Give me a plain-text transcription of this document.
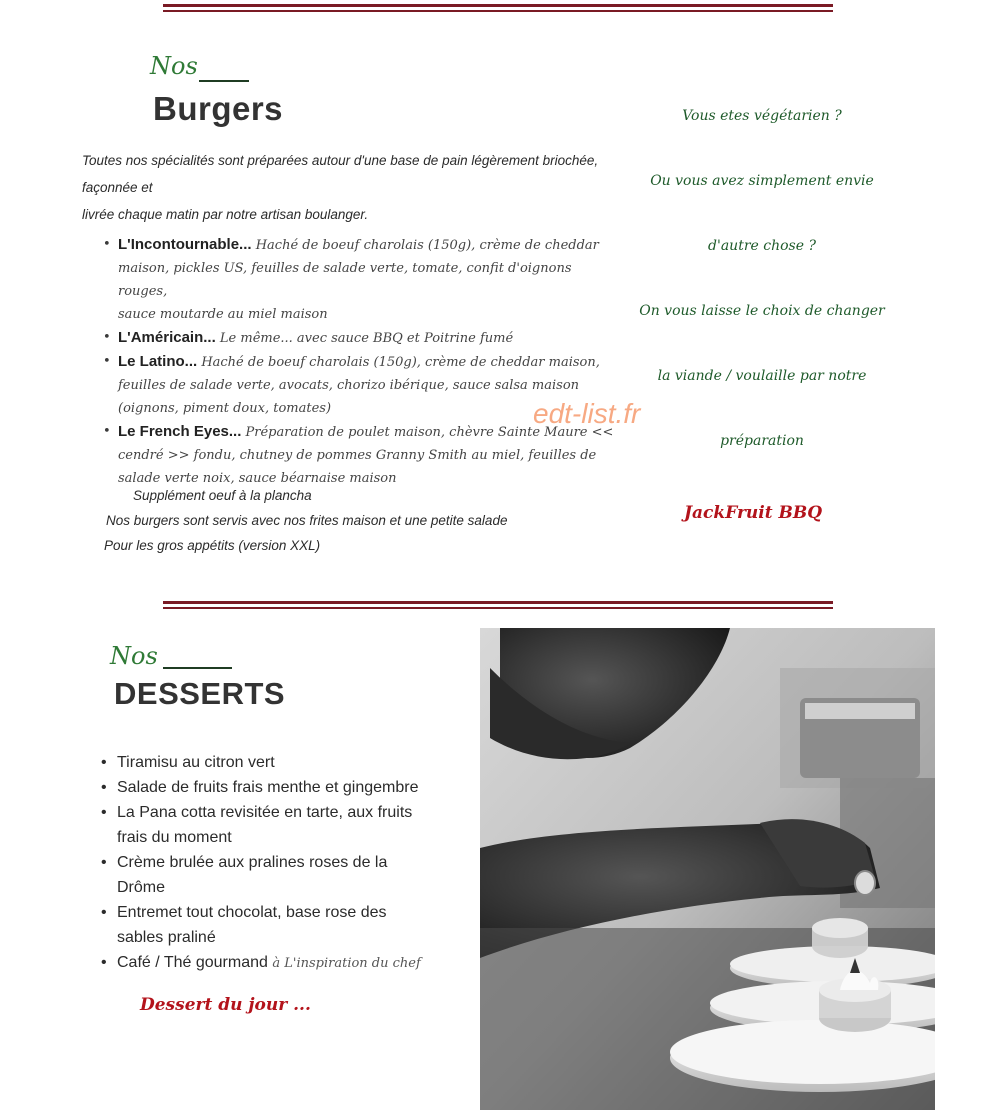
Nos
Burgers
Toutes nos spécialités sont préparées autour d'une base de pain légèrement briochée, façonnée et
livrée chaque matin par notre artisan boulanger.
• L'Incontournable... Haché de boeuf charolais (150g), crème de cheddar
maison, pickles US, feuilles de salade verte, tomate, confit d'oignons rouges,
sauce moutarde au miel maison
• L'Américain... Le même... avec sauce BBQ et Poitrine fumé
• Le Latino... Haché de boeuf charolais (150g), crème de cheddar maison,
feuilles de salade verte, avocats, chorizo ibérique, sauce salsa maison
(oignons, piment doux, tomates)
• Le French Eyes... Préparation de poulet maison, chèvre Sainte Maure <<
cendré >> fondu, chutney de pommes Granny Smith au miel, feuilles de
salade verte noix, sauce béarnaise maison
Supplément oeuf à la plancha
Nos burgers sont servis avec nos frites maison et une petite salade
Pour les gros appétits (version XXL)
Vous etes végétarien ?
Ou vous avez simplement envie
d'autre chose ?
On vous laisse le choix de changer
la viande / voulaille par notre
préparation
JackFruit BBQ
edt-list.fr
Nos
DESSERTS
• Tiramisu au citron vert
• Salade de fruits frais menthe et gingembre
• La Pana cotta revisitée en tarte, aux fruits
frais du moment
• Crème brulée aux pralines roses de la
Drôme
• Entremet tout chocolat, base rose des
sables praliné
• Café / Thé gourmand à L'inspiration du chef
Dessert du jour ...
